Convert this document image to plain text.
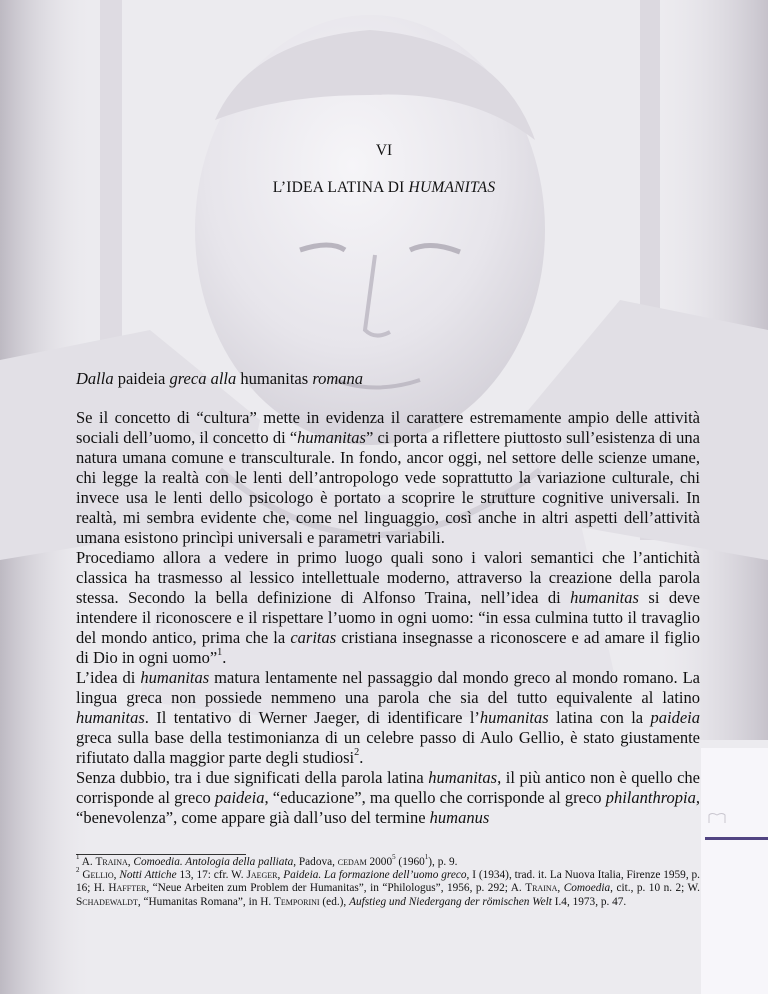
VI
L’IDEA LATINA DI HUMANITAS
Dalla paideia greca alla humanitas romana

Se il concetto di “cultura” mette in evidenza il carattere estremamente ampio delle attività sociali dell’uomo, il concetto di “humanitas” ci porta a riflettere piuttosto sull’esistenza di una natura umana comune e transculturale. In fondo, ancor oggi, nel settore delle scienze umane, chi legge la realtà con le lenti dell’antropologo vede soprattutto la variazione culturale, chi invece usa le lenti dello psicologo è portato a scoprire le strutture cognitive universali. In realtà, mi sembra evidente che, come nel linguaggio, così anche in altri aspetti dell’attività umana esistono princìpi universali e parametri variabili.

Procediamo allora a vedere in primo luogo quali sono i valori semantici che l’antichità classica ha trasmesso al lessico intellettuale moderno, attraverso la creazione della parola stessa. Secondo la bella definizione di Alfonso Traina, nell’idea di humanitas si deve intendere il riconoscere e il rispettare l’uomo in ogni uomo: “in essa culmina tutto il travaglio del mondo antico, prima che la caritas cristiana insegnasse a riconoscere e ad amare il figlio di Dio in ogni uomo”$^1$.

L’idea di humanitas matura lentamente nel passaggio dal mondo greco al mondo romano. La lingua greca non possiede nemmeno una parola che sia del tutto equivalente al latino humanitas. Il tentativo di Werner Jaeger, di identificare l’humanitas latina con la paideia greca sulla base della testimonianza di un celebre passo di Aulo Gellio, è stato giustamente rifiutato dalla maggior parte degli studiosi$^2$.

Senza dubbio, tra i due significati della parola latina humanitas, il più antico non è quello che corrisponde al greco paideia, “educazione”, ma quello che corrisponde al greco philanthropia, “benevolenza”, come appare già dall’uso del termine humanus

$^1$ A. Traina, Comoedia. Antologia della palliata, Padova, cedam 2000$^5$ (1960$^1$), p. 9.

$^2$ Gellio, Notti Attiche 13, 17: cfr. W. Jaeger, Paideia. La formazione dell’uomo greco, I (1934), trad. it. La Nuova Italia, Firenze 1959, p. 16; H. Haffter, “Neue Arbeiten zum Problem der Humanitas”, in “Philologus”, 1956, p. 292; A. Traina, Comoedia, cit., p. 10 n. 2; W. Schadewaldt, “Humanitas Romana”, in H. Temporini (ed.), Aufstieg und Niedergang der römischen Welt I.4, 1973, p. 47.
